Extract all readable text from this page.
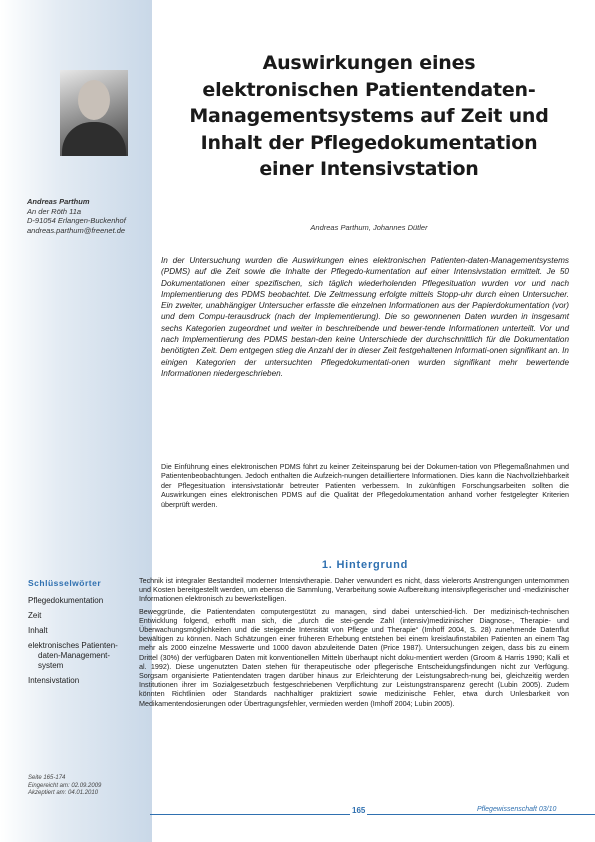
Andreas Parthum
An der Röth 11a
D-91054 Erlangen-Buckenhof
andreas.parthum@freenet.de
Auswirkungen eines
elektronischen Patientendaten-
Managementsystems auf Zeit und
Inhalt der Pflegedokumentation
einer Intensivstation
Andreas Parthum, Johannes Dütler
In der Untersuchung wurden die Auswirkungen eines elektronischen Patienten-daten-Managementsystems (PDMS) auf die Zeit sowie die Inhalte der Pflegedo-kumentation auf einer Intensivstation ermittelt. Je 50 Dokumentationen einer spezifischen, sich täglich wiederholenden Pflegesituation wurden vor und nach Implementierung des PDMS beobachtet. Die Zeitmessung erfolgte mittels Stopp-uhr durch einen Untersucher. Ein zweiter, unabhängiger Untersucher erfasste die einzelnen Informationen aus der Papierdokumentation (vor) und dem Compu-terausdruck (nach der Implementierung). Die so gewonnenen Daten wurden in insgesamt sechs Kategorien zugeordnet und weiter in beschreibende und bewer-tende Informationen unterteilt. Vor und nach Implementierung des PDMS bestan-den keine Unterschiede der durchschnittlich für die Dokumentation benötigten Zeit. Dem entgegen stieg die Anzahl der in dieser Zeit festgehaltenen Informati-onen signifikant an. In einigen Kategorien der untersuchten Pflegedokumentati-onen wurden signifikant mehr bewertende Informationen niedergeschrieben.
Die Einführung eines elektronischen PDMS führt zu keiner Zeiteinsparung bei der Dokumen-tation von Pflegemaßnahmen und Patientenbeobachtungen. Jedoch enthalten die Aufzeich-nungen detailliertere Informationen. Dies kann die Nachvollziehbarkeit der Pflegesituation intensivstationär betreuter Patienten verbessern. In zukünftigen Forschungsarbeiten sollten die Auswirkungen eines elektronischen PDMS auf die Qualität der Pflegedokumentation anhand vorher festgelegter Kriterien überprüft werden.
1. Hintergrund

Technik ist integraler Bestandteil moderner Intensivtherapie. Daher verwundert es nicht, dass vielerorts Anstrengungen unternommen und Kosten bereitgestellt werden, um ebenso die Sammlung, Verarbeitung sowie Aufbereitung intensivpflegerischer und -medizinischer Informationen elektronisch zu bewerkstelligen.

Beweggründe, die Patientendaten computergestützt zu managen, sind dabei unterschied-lich. Der medizinisch-technischen Entwicklung folgend, erhofft man sich, die „durch die stei-gende Zahl (intensiv)medizinischer Diagnose-, Therapie- und Überwachungsmöglichkeiten und die steigende Intensität von Pflege und Therapie“ (Imhoff 2004, S. 28) zunehmende Datenflut bewältigen zu können. Nach Schätzungen einer früheren Erhebung entstehen bei einem kreislaufinstabilen Patienten an einem Tag mehr als 2000 einzelne Messwerte und 1000 davon abzuleitende Daten (Price 1987). Untersuchungen zeigen, dass bis zu einem Drittel (30%) der verfügbaren Daten mit konventionellen Mitteln überhaupt nicht doku-mentiert werden (Groom & Harris 1990; Kalli et al. 1992). Diese ungenutzten Daten stehen für therapeutische oder pflegerische Entscheidungsfindungen nicht zur Verfügung. Sorgsam organisierte Patientendaten tragen darüber hinaus zur Erleichterung der Leistungsabrech-nung bei, gleichzeitig werden Institutionen ihrer im Sozialgesetzbuch festgeschriebenen Verpflichtung zur Leistungstransparenz gerecht (Lubin 2005). Zudem könnten Richtlinien oder Standards nachhaltiger praktiziert sowie medizinische Fehler, etwa durch Unlesbarkeit von Medikamentendosierungen oder Übertragungsfehler, vermieden werden (Imhoff 2004; Lubin 2005).

Schlüsselwörter
Pflegedokumentation
Zeit
Inhalt
elektronisches Patienten-
daten-Management-
system
Intensivstation
Seite 165-174
Eingereicht am: 02.09.2009
Akzeptiert am: 04.01.2010
165	Pflegewissenschaft 03/10
